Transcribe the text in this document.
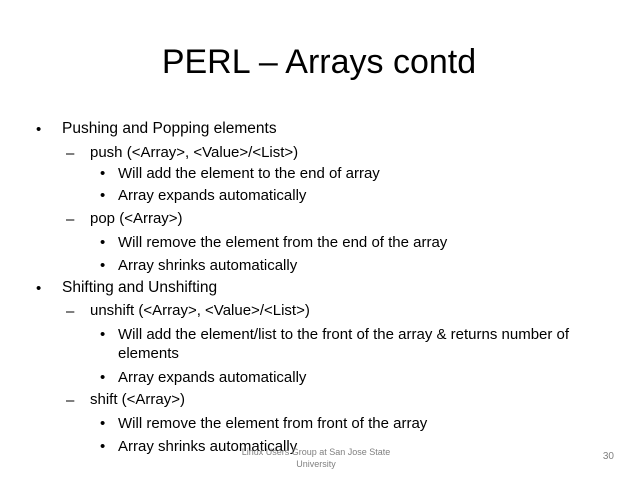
PERL – Arrays contd
• Pushing and Popping elements
– push (<Array>, <Value>/<List>)
• Will add the element to the end of array
• Array expands automatically
– pop (<Array>)
• Will remove the element from the end of the array
• Array shrinks automatically
• Shifting and Unshifting
– unshift (<Array>, <Value>/<List>)
• Will add the element/list to the front of the array & returns number of
elements
• Array expands automatically
– shift (<Array>)
• Will remove the element from front of the array
• Array shrinks automatically
Linux Users Group at San Jose State
University
30
